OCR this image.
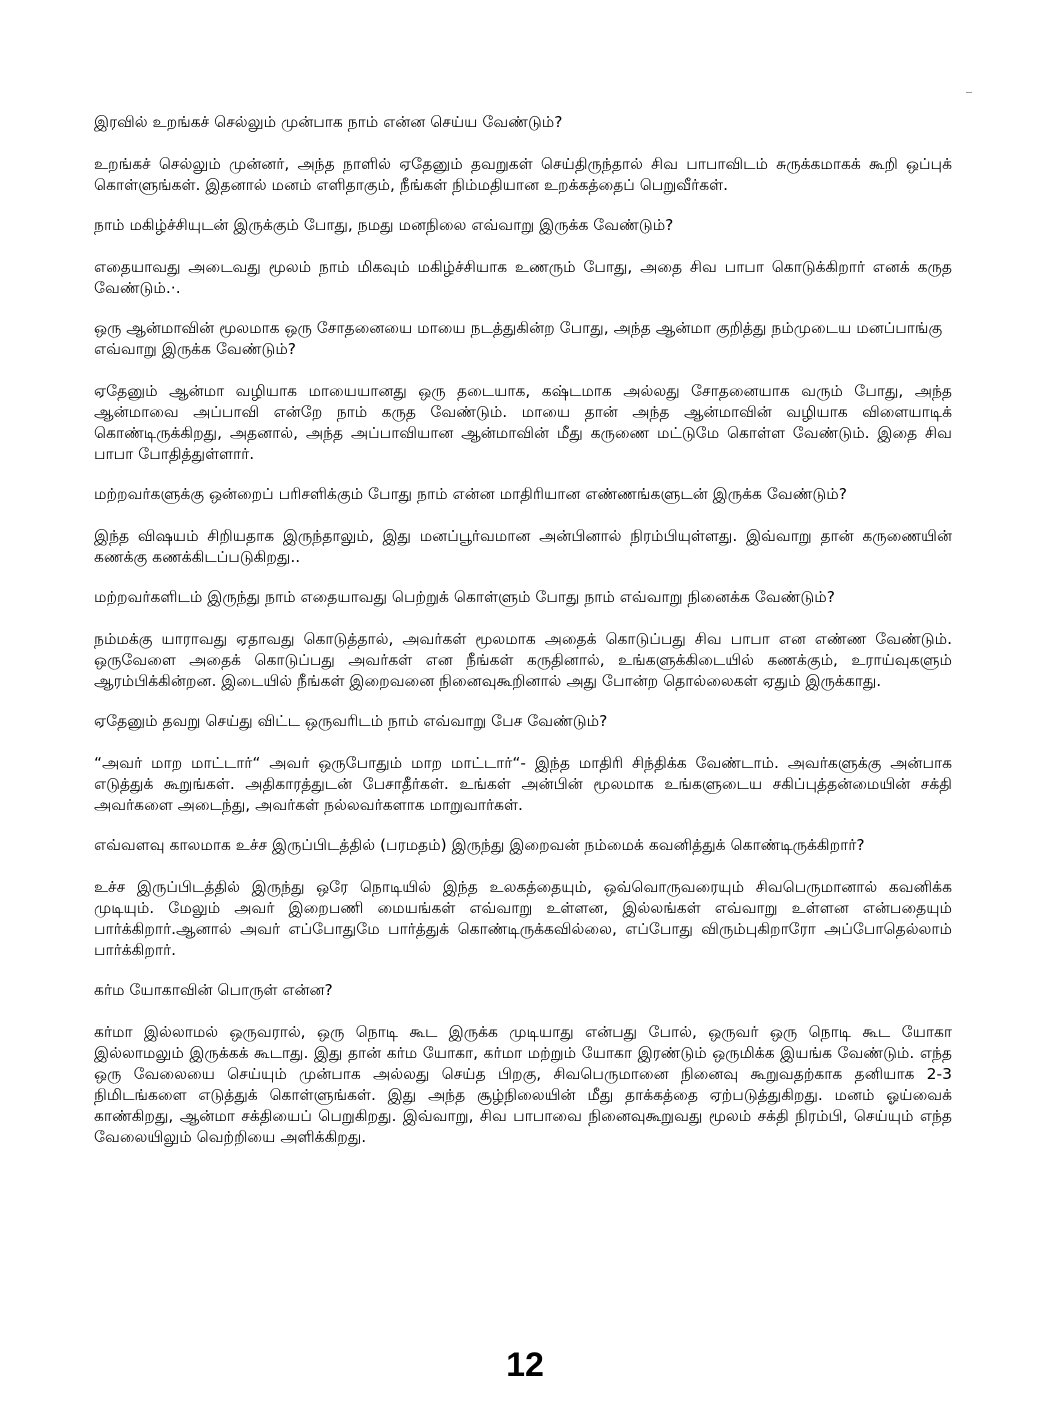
இரவில் உறங்கச் செல்லும் முன்பாக நாம் என்ன செய்ய வேண்டும்?

உறங்கச் செல்லும் முன்னர், அந்த நாளில் ஏதேனும் தவறுகள் செய்திருந்தால் சிவ பாபாவிடம் சுருக்கமாகக் கூறி ஒப்புக் கொள்ளுங்கள். இதனால் மனம் எளிதாகும், நீங்கள் நிம்மதியான உறக்கத்தைப் பெறுவீர்கள்.

நாம் மகிழ்ச்சியுடன் இருக்கும் போது, நமது மனநிலை எவ்வாறு இருக்க வேண்டும்?

எதையாவது அடைவது மூலம் நாம் மிகவும் மகிழ்ச்சியாக உணரும் போது, அதை சிவ பாபா கொடுக்கிறார் எனக் கருத வேண்டும்.·.

ஒரு ஆன்மாவின் மூலமாக ஒரு சோதனையை மாயை நடத்துகின்ற போது, அந்த ஆன்மா குறித்து நம்முடைய மனப்பாங்கு எவ்வாறு இருக்க வேண்டும்?

ஏதேனும் ஆன்மா வழியாக மாயையானது ஒரு தடையாக, கஷ்டமாக அல்லது சோதனையாக வரும் போது, அந்த ஆன்மாவை அப்பாவி என்றே நாம் கருத வேண்டும். மாயை தான் அந்த ஆன்மாவின் வழியாக விளையாடிக் கொண்டிருக்கிறது, அதனால், அந்த அப்பாவியான ஆன்மாவின் மீது கருணை மட்டுமே கொள்ள வேண்டும். இதை சிவ பாபா போதித்துள்ளார்.

மற்றவர்களுக்கு ஒன்றைப் பரிசளிக்கும் போது நாம் என்ன மாதிரியான எண்ணங்களுடன் இருக்க வேண்டும்?

இந்த விஷயம் சிறியதாக இருந்தாலும், இது மனப்பூர்வமான அன்பினால் நிரம்பியுள்ளது. இவ்வாறு தான் கருணையின் கணக்கு கணக்கிடப்படுகிறது..

மற்றவர்களிடம் இருந்து நாம் எதையாவது பெற்றுக் கொள்ளும் போது நாம் எவ்வாறு நினைக்க வேண்டும்?

நம்மக்கு யாராவது ஏதாவது கொடுத்தால், அவர்கள் மூலமாக அதைக் கொடுப்பது சிவ பாபா என எண்ண வேண்டும். ஒருவேளை அதைக் கொடுப்பது அவர்கள் என நீங்கள் கருதினால், உங்களுக்கிடையில் கணக்கும், உராய்வுகளும் ஆரம்பிக்கின்றன. இடையில் நீங்கள் இறைவனை நினைவுகூறினால் அது போன்ற தொல்லைகள் ஏதும் இருக்காது.

ஏதேனும் தவறு செய்து விட்ட ஒருவரிடம் நாம் எவ்வாறு பேச வேண்டும்?

“அவர் மாற மாட்டார்“ அவர் ஒருபோதும் மாற மாட்டார்“- இந்த மாதிரி சிந்திக்க வேண்டாம். அவர்களுக்கு அன்பாக எடுத்துக் கூறுங்கள். அதிகாரத்துடன் பேசாதீர்கள். உங்கள் அன்பின் மூலமாக உங்களுடைய சகிப்புத்தன்மையின் சக்தி அவர்களை அடைந்து, அவர்கள் நல்லவர்களாக மாறுவார்கள்.

எவ்வளவு காலமாக உச்ச இருப்பிடத்தில் (பரமதம்) இருந்து இறைவன் நம்மைக் கவனித்துக் கொண்டிருக்கிறார்?

உச்ச இருப்பிடத்தில் இருந்து ஒரே நொடியில் இந்த உலகத்தையும், ஒவ்வொருவரையும் சிவபெருமானால் கவனிக்க முடியும். மேலும் அவர் இறைபணி மையங்கள் எவ்வாறு உள்ளன, இல்லங்கள் எவ்வாறு உள்ளன என்பதையும் பார்க்கிறார்.ஆனால் அவர் எப்போதுமே பார்த்துக் கொண்டிருக்கவில்லை, எப்போது விரும்புகிறாரோ அப்போதெல்லாம் பார்க்கிறார்.

கர்ம யோகாவின் பொருள் என்ன?

கர்மா இல்லாமல் ஒருவரால், ஒரு நொடி கூட இருக்க முடியாது என்பது போல், ஒருவர் ஒரு நொடி கூட யோகா இல்லாமலும் இருக்கக் கூடாது. இது தான் கர்ம யோகா, கர்மா மற்றும் யோகா இரண்டும் ஒருமிக்க இயங்க வேண்டும். எந்த ஒரு வேலையை செய்யும் முன்பாக அல்லது செய்த பிறகு, சிவபெருமானை நினைவு கூறுவதற்காக தனியாக 2-3 நிமிடங்களை எடுத்துக் கொள்ளுங்கள். இது அந்த சூழ்நிலையின் மீது தாக்கத்தை ஏற்படுத்துகிறது. மனம் ஓய்வைக் காண்கிறது, ஆன்மா சக்தியைப் பெறுகிறது. இவ்வாறு, சிவ பாபாவை நினைவுகூறுவது மூலம் சக்தி நிரம்பி, செய்யும் எந்த வேலையிலும் வெற்றியை அளிக்கிறது.

12
